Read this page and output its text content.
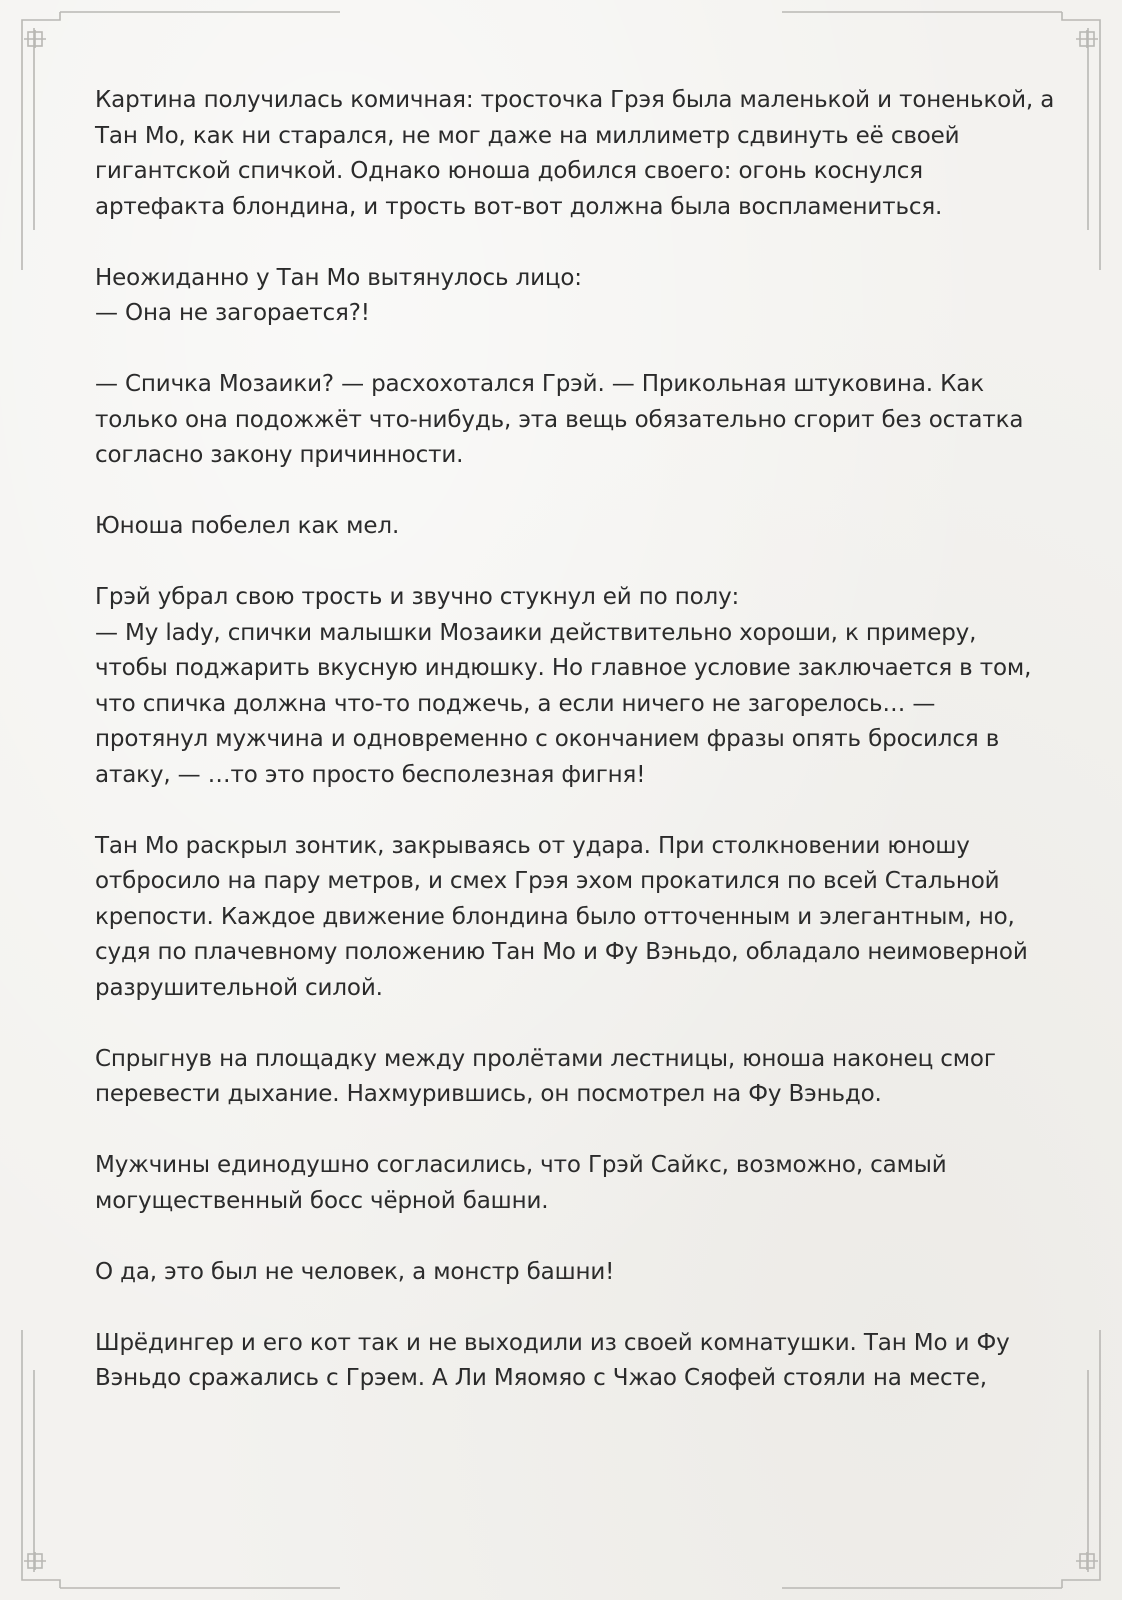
Картина получилась комичная: тросточка Грэя была маленькой и тоненькой, а Тан Мо, как ни старался, не мог даже на миллиметр сдвинуть её своей гигантской спичкой. Однако юноша добился своего: огонь коснулся артефакта блондина, и трость вот-вот должна была воспламениться.

Неожиданно у Тан Мо вытянулось лицо:
— Она не загорается?!

— Спичка Мозаики? — расхохотался Грэй. — Прикольная штуковина. Как только она подожжёт что-нибудь, эта вещь обязательно сгорит без остатка согласно закону причинности.

Юноша побелел как мел.

Грэй убрал свою трость и звучно стукнул ей по полу:
— My lady, спички малышки Мозаики действительно хороши, к примеру, чтобы поджарить вкусную индюшку. Но главное условие заключается в том, что спичка должна что-то поджечь, а если ничего не загорелось… — протянул мужчина и одновременно с окончанием фразы опять бросился в атаку, — …то это просто бесполезная фигня!

Тан Мо раскрыл зонтик, закрываясь от удара. При столкновении юношу отбросило на пару метров, и смех Грэя эхом прокатился по всей Стальной крепости. Каждое движение блондина было отточенным и элегантным, но, судя по плачевному положению Тан Мо и Фу Вэньдо, обладало неимоверной разрушительной силой.

Спрыгнув на площадку между пролётами лестницы, юноша наконец смог перевести дыхание. Нахмурившись, он посмотрел на Фу Вэньдо.

Мужчины единодушно согласились, что Грэй Сайкс, возможно, самый могущественный босс чёрной башни.

О да, это был не человек, а монстр башни!

Шрёдингер и его кот так и не выходили из своей комнатушки. Тан Мо и Фу Вэньдо сражались с Грэем. А Ли Мяомяо с Чжао Сяофей стояли на месте,
